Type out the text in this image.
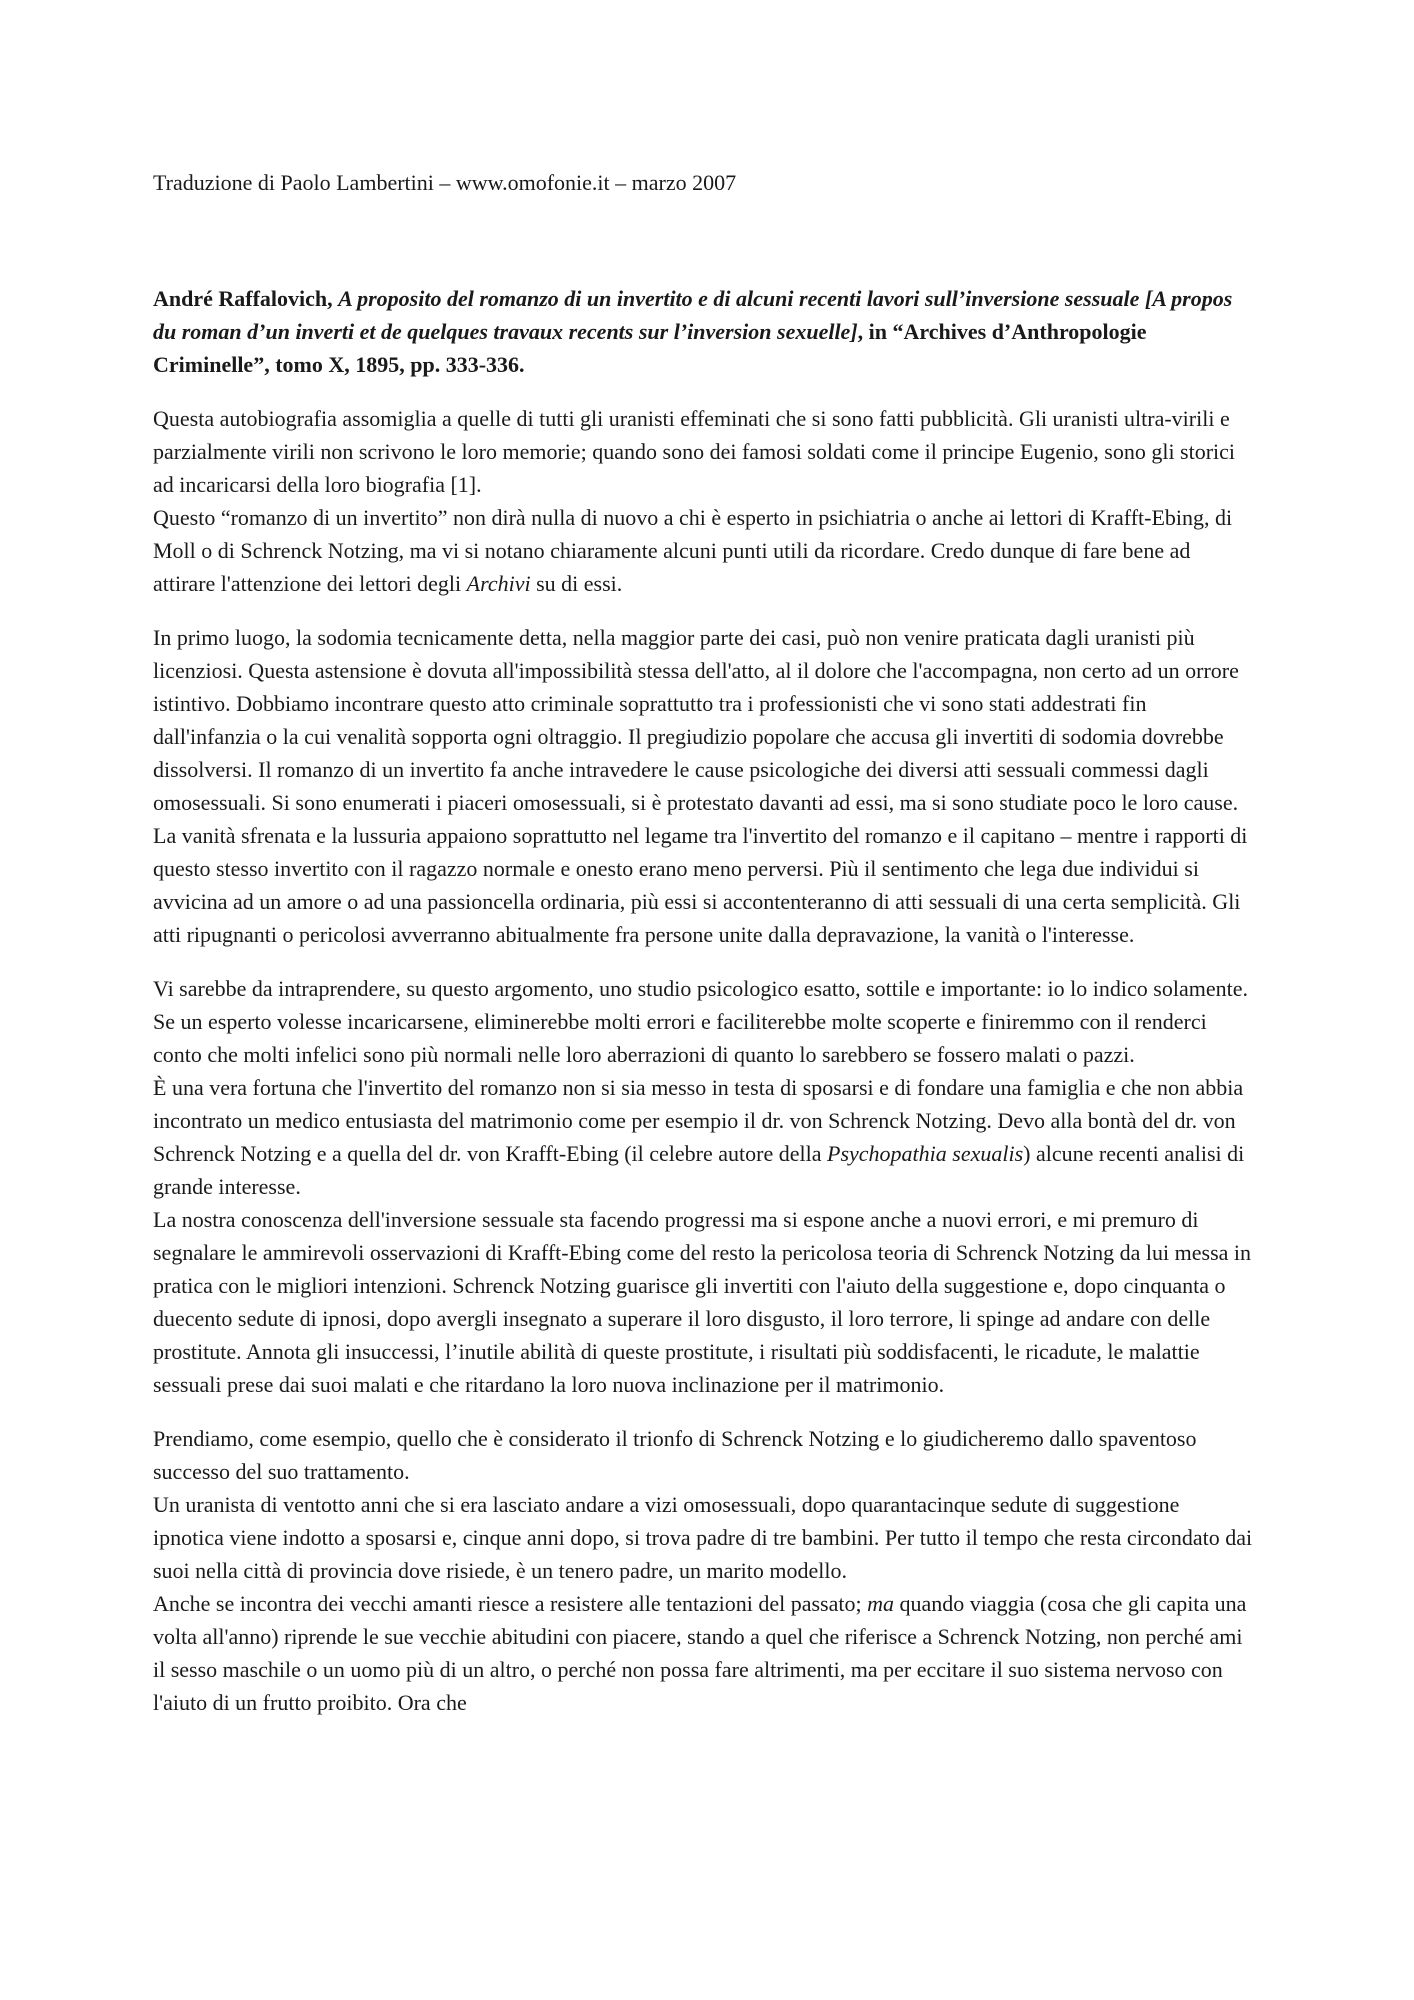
Traduzione di Paolo Lambertini – www.omofonie.it – marzo 2007

André Raffalovich, A proposito del romanzo di un invertito e di alcuni recenti lavori sull’inversione sessuale [A propos du roman d’un inverti et de quelques travaux recents sur l’inversion sexuelle], in “Archives d’Anthropologie Criminelle”, tomo X, 1895, pp. 333-336.

Questa autobiografia assomiglia a quelle di tutti gli uranisti effeminati che si sono fatti pubblicità. Gli uranisti ultra-virili e parzialmente virili non scrivono le loro memorie; quando sono dei famosi soldati come il principe Eugenio, sono gli storici ad incaricarsi della loro biografia [1].

Questo “romanzo di un invertito” non dirà nulla di nuovo a chi è esperto in psichiatria o anche ai lettori di Krafft-Ebing, di Moll o di Schrenck Notzing, ma vi si notano chiaramente alcuni punti utili da ricordare. Credo dunque di fare bene ad attirare l'attenzione dei lettori degli Archivi su di essi.

In primo luogo, la sodomia tecnicamente detta, nella maggior parte dei casi, può non venire praticata dagli uranisti più licenziosi. Questa astensione è dovuta all'impossibilità stessa dell'atto, al il dolore che l'accompagna, non certo ad un orrore istintivo. Dobbiamo incontrare questo atto criminale soprattutto tra i professionisti che vi sono stati addestrati fin dall'infanzia o la cui venalità sopporta ogni oltraggio. Il pregiudizio popolare che accusa gli invertiti di sodomia dovrebbe dissolversi. Il romanzo di un invertito fa anche intravedere le cause psicologiche dei diversi atti sessuali commessi dagli omosessuali. Si sono enumerati i piaceri omosessuali, si è protestato davanti ad essi, ma si sono studiate poco le loro cause. La vanità sfrenata e la lussuria appaiono soprattutto nel legame tra l'invertito del romanzo e il capitano – mentre i rapporti di questo stesso invertito con il ragazzo normale e onesto erano meno perversi. Più il sentimento che lega due individui si avvicina ad un amore o ad una passioncella ordinaria, più essi si accontenteranno di atti sessuali di una certa semplicità. Gli atti ripugnanti o pericolosi avverranno abitualmente fra persone unite dalla depravazione, la vanità o l'interesse.

Vi sarebbe da intraprendere, su questo argomento, uno studio psicologico esatto, sottile e importante: io lo indico solamente. Se un esperto volesse incaricarsene, eliminerebbe molti errori e faciliterebbe molte scoperte e finiremmo con il renderci conto che molti infelici sono più normali nelle loro aberrazioni di quanto lo sarebbero se fossero malati o pazzi.

È una vera fortuna che l'invertito del romanzo non si sia messo in testa di sposarsi e di fondare una famiglia e che non abbia incontrato un medico entusiasta del matrimonio come per esempio il dr. von Schrenck Notzing. Devo alla bontà del dr. von Schrenck Notzing e a quella del dr. von Krafft-Ebing (il celebre autore della Psychopathia sexualis) alcune recenti analisi di grande interesse.

La nostra conoscenza dell'inversione sessuale sta facendo progressi ma si espone anche a nuovi errori, e mi premuro di segnalare le ammirevoli osservazioni di Krafft-Ebing come del resto la pericolosa teoria di Schrenck Notzing da lui messa in pratica con le migliori intenzioni. Schrenck Notzing guarisce gli invertiti con l'aiuto della suggestione e, dopo cinquanta o duecento sedute di ipnosi, dopo avergli insegnato a superare il loro disgusto, il loro terrore, li spinge ad andare con delle prostitute. Annota gli insuccessi, l’inutile abilità di queste prostitute, i risultati più soddisfacenti, le ricadute, le malattie sessuali prese dai suoi malati e che ritardano la loro nuova inclinazione per il matrimonio.

Prendiamo, come esempio, quello che è considerato il trionfo di Schrenck Notzing e lo giudicheremo dallo spaventoso successo del suo trattamento.

Un uranista di ventotto anni che si era lasciato andare a vizi omosessuali, dopo quarantacinque sedute di suggestione ipnotica viene indotto a sposarsi e, cinque anni dopo, si trova padre di tre bambini. Per tutto il tempo che resta circondato dai suoi nella città di provincia dove risiede, è un tenero padre, un marito modello.

Anche se incontra dei vecchi amanti riesce a resistere alle tentazioni del passato; ma quando viaggia (cosa che gli capita una volta all'anno) riprende le sue vecchie abitudini con piacere, stando a quel che riferisce a Schrenck Notzing, non perché ami il sesso maschile o un uomo più di un altro, o perché non possa fare altrimenti, ma per eccitare il suo sistema nervoso con l'aiuto di un frutto proibito. Ora che
